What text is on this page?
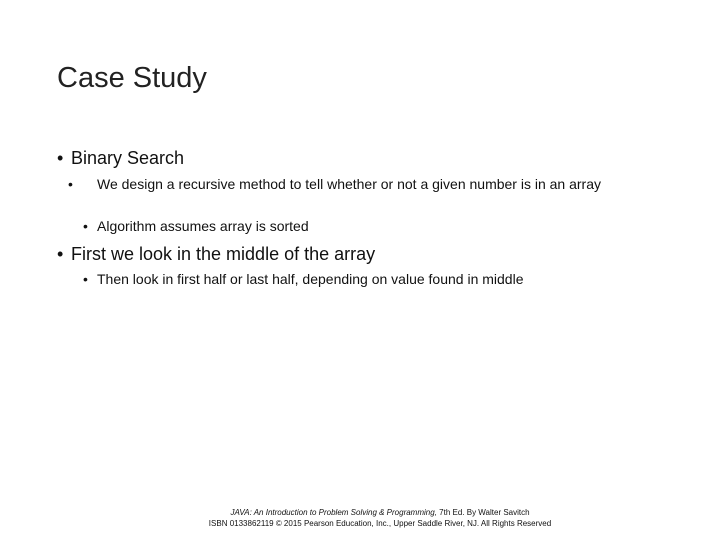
Case Study
• Binary Search
• We design a recursive method to tell whether or not a given number is in an array
• Algorithm assumes array is sorted
• First we look in the middle of the array
• Then look in first half or last half, depending on value found in middle
JAVA: An Introduction to Problem Solving & Programming, 7th Ed. By Walter Savitch
ISBN 0133862119 © 2015 Pearson Education, Inc., Upper Saddle River, NJ. All Rights Reserved
